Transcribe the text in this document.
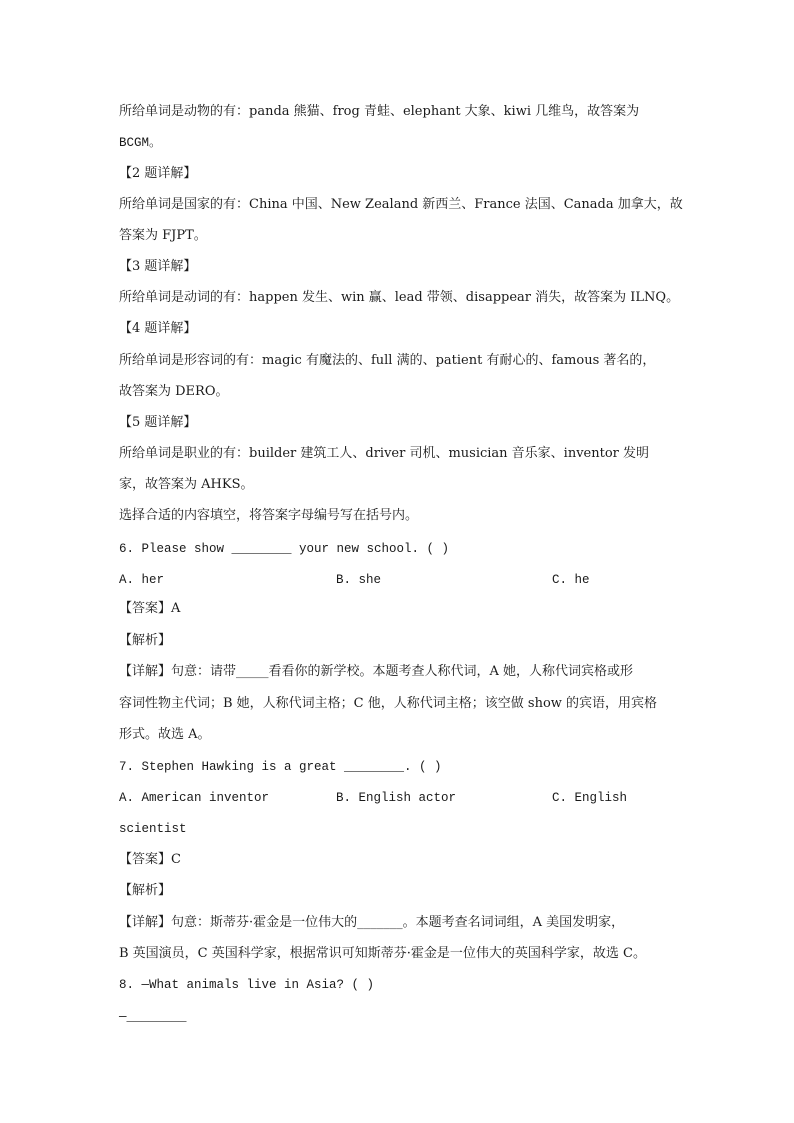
所给单词是动物的有：panda 熊猫、frog 青蛙、elephant 大象、kiwi 几维鸟，故答案为
BCGM。
【2 题详解】
所给单词是国家的有：China 中国、New Zealand 新西兰、France 法国、Canada 加拿大，故
答案为 FJPT。
【3 题详解】
所给单词是动词的有：happen 发生、win 赢、lead 带领、disappear 消失，故答案为 ILNQ。
【4 题详解】
所给单词是形容词的有：magic 有魔法的、full 满的、patient 有耐心的、famous 著名的，
故答案为 DERO。
【5 题详解】
所给单词是职业的有：builder 建筑工人、driver 司机、musician 音乐家、inventor 发明
家，故答案为 AHKS。
选择合适的内容填空，将答案字母编号写在括号内。
6. Please show ________ your new school. ( )
A. her	B. she	C. he
【答案】A
【解析】
【详解】句意：请带_____看看你的新学校。本题考查人称代词，A 她，人称代词宾格或形
容词性物主代词；B 她，人称代词主格；C 他，人称代词主格；该空做 show 的宾语，用宾格
形式。故选 A。
7. Stephen Hawking is a great ________. ( )
A. American inventor	B. English actor	C. English
scientist
【答案】C
【解析】
【详解】句意：斯蒂芬·霍金是一位伟大的_______。本题考查名词词组，A 美国发明家，
B 英国演员，C 英国科学家，根据常识可知斯蒂芬·霍金是一位伟大的英国科学家，故选 C。
8. —What animals live in Asia? ( )
—________
